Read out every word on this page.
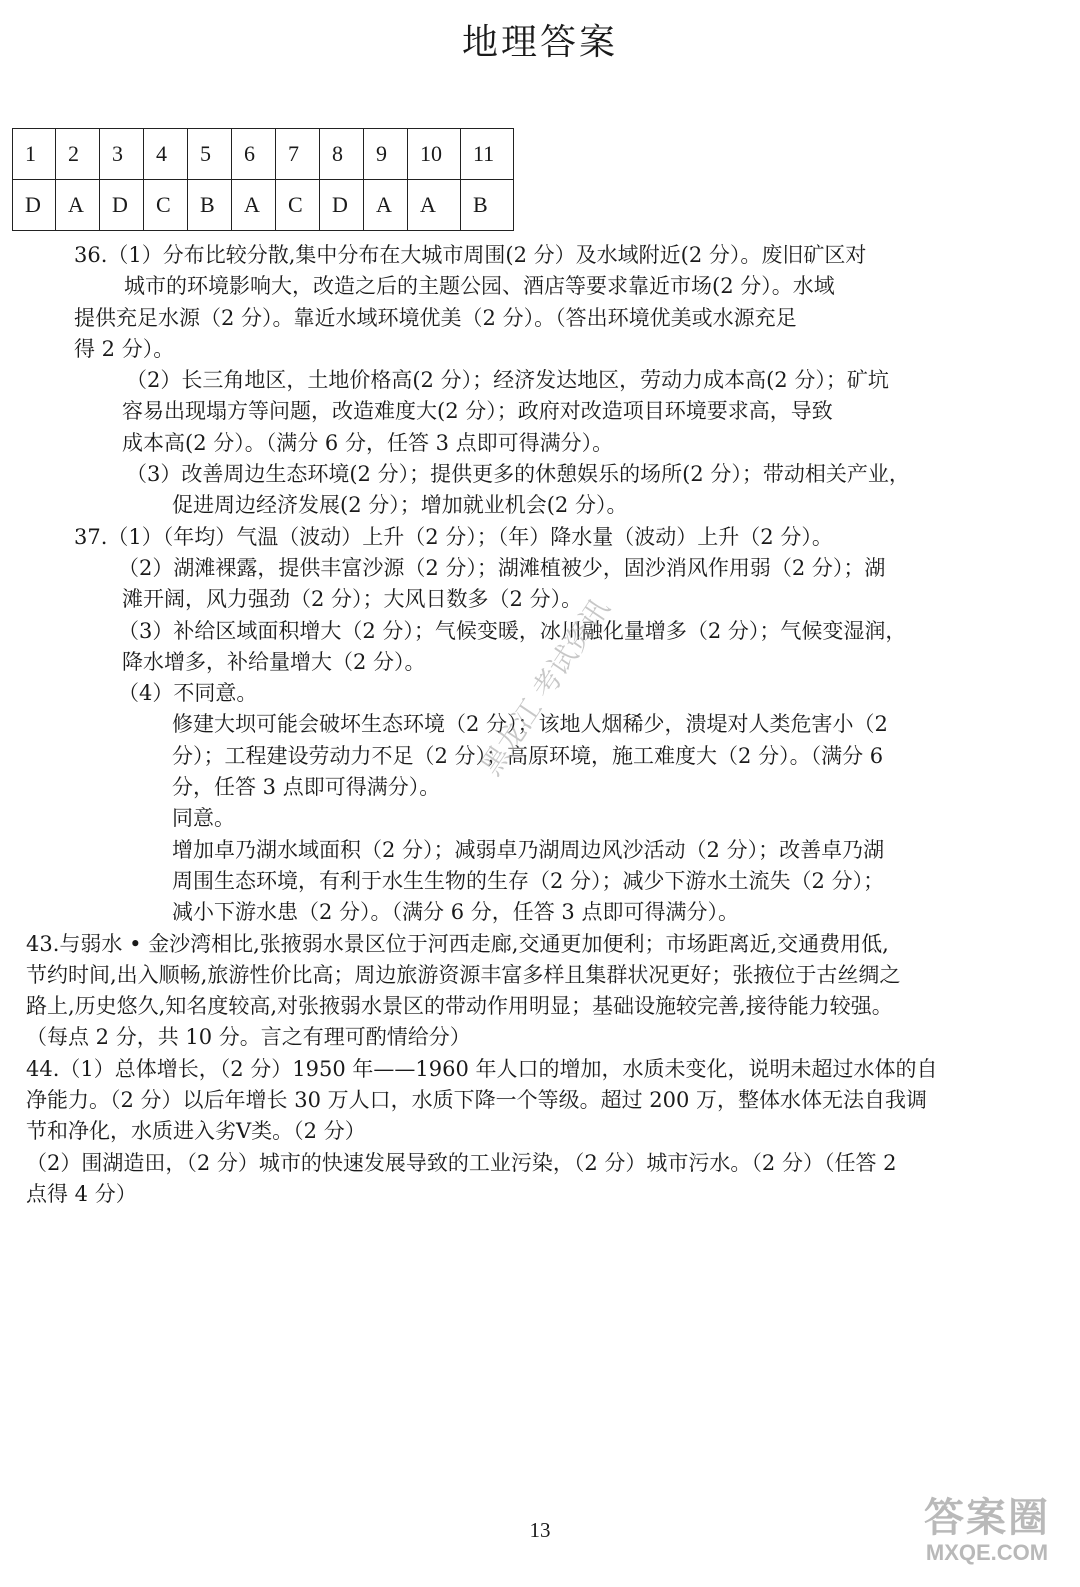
地理答案
1	2	3	4	5	6	7	8	9	10	11
D	A	D	C	B	A	C	D	A	A	B

36.（1）分布比较分散,集中分布在大城市周围(2 分）及水域附近(2 分）。废旧矿区对

城市的环境影响大，改造之后的主题公园、酒店等要求靠近市场(2 分）。水域

提供充足水源（2 分）。靠近水域环境优美（2 分）。（答出环境优美或水源充足

得 2 分）。

（2）长三角地区，土地价格高(2 分）；经济发达地区，劳动力成本高(2 分）；矿坑

容易出现塌方等问题，改造难度大(2 分）；政府对改造项目环境要求高，导致

成本高(2 分）。（满分 6 分，任答 3 点即可得满分）。

（3）改善周边生态环境(2 分）；提供更多的休憩娱乐的场所(2 分）；带动相关产业，

促进周边经济发展(2 分）；增加就业机会(2 分）。

37.（1）（年均）气温（波动）上升（2 分）；（年）降水量（波动）上升（2 分）。

（2）湖滩裸露，提供丰富沙源（2 分）；湖滩植被少，固沙消风作用弱（2 分）；湖

滩开阔，风力强劲（2 分）；大风日数多（2 分）。

（3）补给区域面积增大（2 分）；气候变暖，冰川融化量增多（2 分）；气候变湿润，

降水增多，补给量增大（2 分）。

（4）不同意。

修建大坝可能会破坏生态环境（2 分）；该地人烟稀少，溃堤对人类危害小（2

分）；工程建设劳动力不足（2 分）；高原环境，施工难度大（2 分）。（满分 6

分，任答 3 点即可得满分）。

同意。

增加卓乃湖水域面积（2 分）；减弱卓乃湖周边风沙活动（2 分）；改善卓乃湖

周围生态环境，有利于水生生物的生存（2 分）；减少下游水土流失（2 分）；

减小下游水患（2 分）。（满分 6 分，任答 3 点即可得满分）。

43.与弱水 • 金沙湾相比,张掖弱水景区位于河西走廊,交通更加便利；市场距离近,交通费用低,

节约时间,出入顺畅,旅游性价比高；周边旅游资源丰富多样且集群状况更好；张掖位于古丝绸之

路上,历史悠久,知名度较高,对张掖弱水景区的带动作用明显；基础设施较完善,接待能力较强。

（每点 2 分，共 10 分。言之有理可酌情给分）

44.（1）总体增长，（2 分）1950 年——1960 年人口的增加，水质未变化，说明未超过水体的自

净能力。（2 分）以后年增长 30 万人口，水质下降一个等级。超过 200 万，整体水体无法自我调

节和净化，水质进入劣Ⅴ类。（2 分）

（2）围湖造田，（2 分）城市的快速发展导致的工业污染，（2 分）城市污水。（2 分）（任答 2

点得 4 分）

黑龙江 考试资讯
13	答案圈
MXQE.COM
